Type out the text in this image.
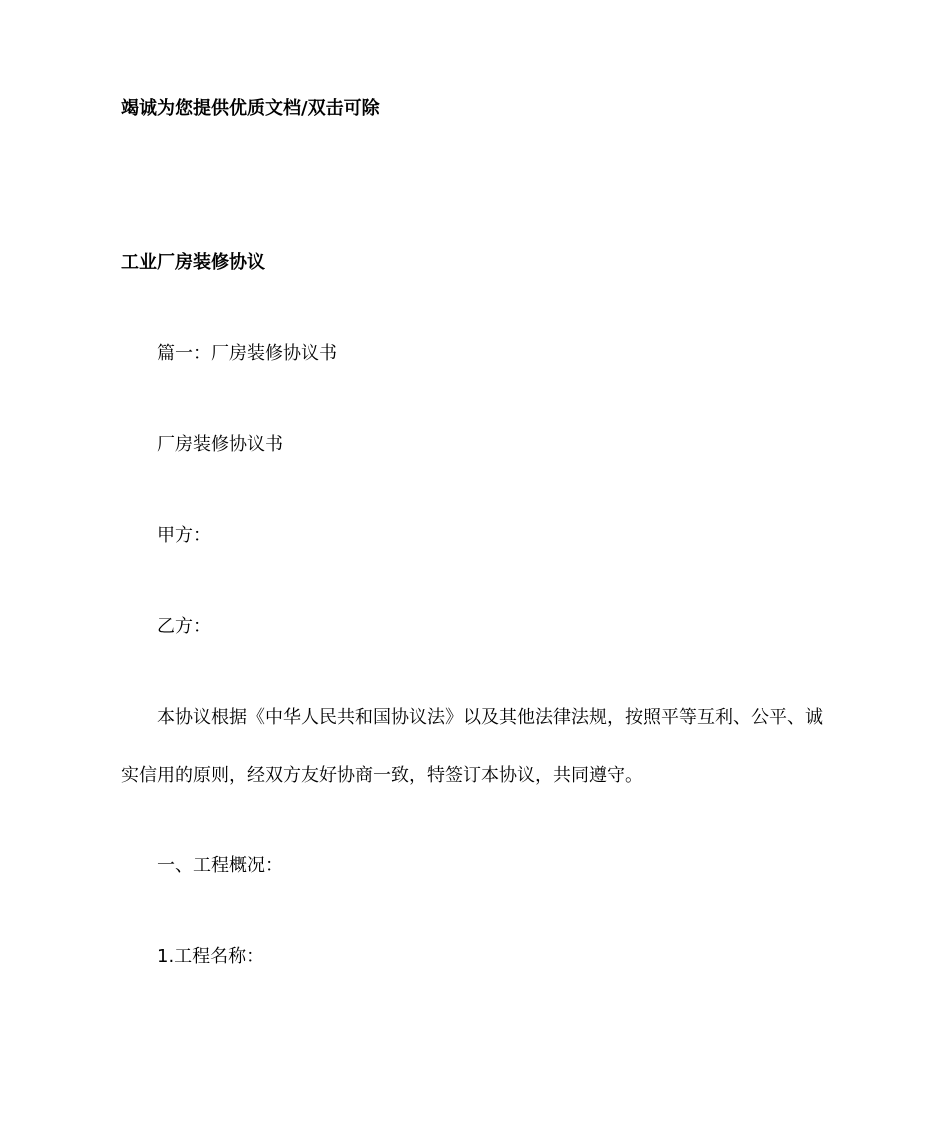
竭诚为您提供优质文档/双击可除

工业厂房装修协议

篇一：厂房装修协议书

厂房装修协议书

甲方：

乙方：

本协议根据《中华人民共和国协议法》以及其他法律法规，按照平等互利、公平、诚

实信用的原则，经双方友好协商一致，特签订本协议，共同遵守。

一、工程概况：

1.工程名称：
